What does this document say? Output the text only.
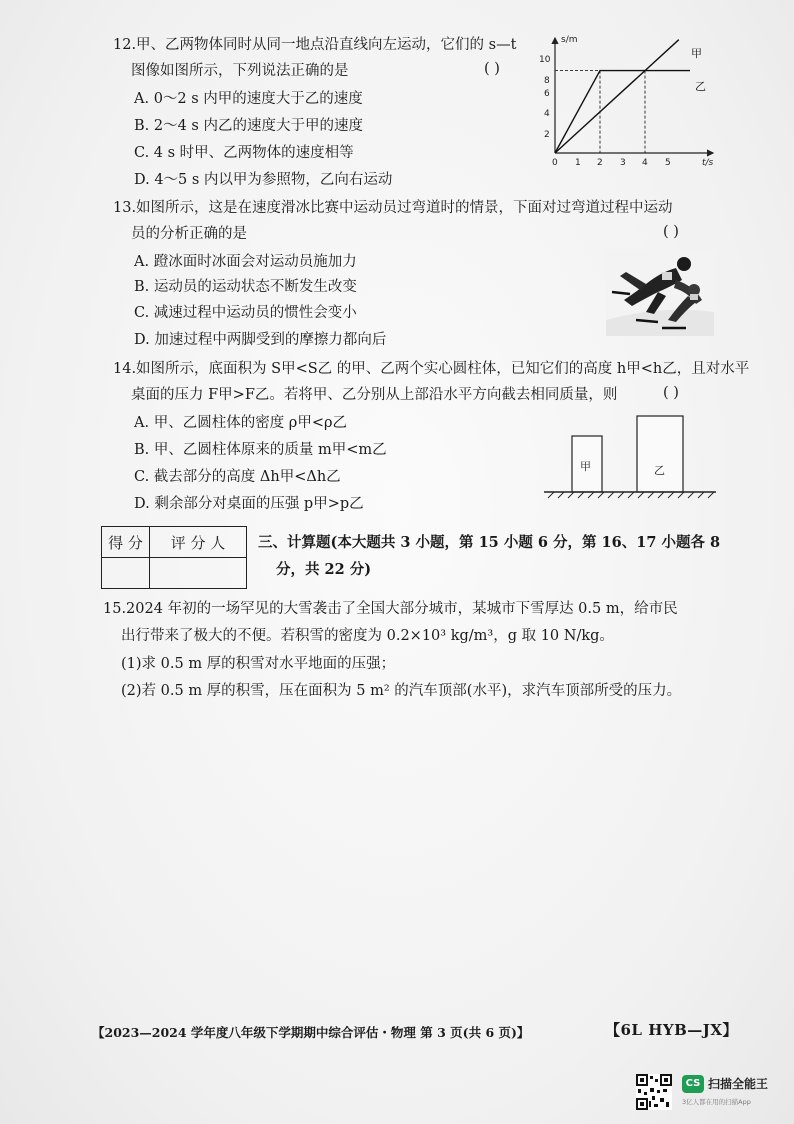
12.甲、乙两物体同时从同一地点沿直线向左运动，它们的 s—t
图像如图所示，下列说法正确的是	( )
A. 0～2 s 内甲的速度大于乙的速度
B. 2～4 s 内乙的速度大于甲的速度
C. 4 s 时甲、乙两物体的速度相等
D. 4～5 s 内以甲为参照物，乙向右运动
s/m
t/s
0 1 2 3 4 5
2
4
6
8
10	甲
乙
13.如图所示，这是在速度滑冰比赛中运动员过弯道时的情景，下面对过弯道过程中运动
员的分析正确的是	( )
A. 蹬冰面时冰面会对运动员施加力
B. 运动员的运动状态不断发生改变
C. 减速过程中运动员的惯性会变小
D. 加速过程中两脚受到的摩擦力都向后
14.如图所示，底面积为 S甲<S乙 的甲、乙两个实心圆柱体，已知它们的高度 h甲<h乙，且对水平
桌面的压力 F甲>F乙。若将甲、乙分别从上部沿水平方向截去相同质量，则	( )
A. 甲、乙圆柱体的密度 ρ甲<ρ乙
B. 甲、乙圆柱体原来的质量 m甲<m乙
C. 截去部分的高度 Δh甲<Δh乙
D. 剩余部分对桌面的压强 p甲>p乙
甲	乙
得 分	评 分 人
	三、计算题(本大题共 3 小题，第 15 小题 6 分，第 16、17 小题各 8
分，共 22 分)
15.2024 年初的一场罕见的大雪袭击了全国大部分城市，某城市下雪厚达 0.5 m，给市民
出行带来了极大的不便。若积雪的密度为 0.2×10³ kg/m³，g 取 10 N/kg。
(1)求 0.5 m 厚的积雪对水平地面的压强；
(2)若 0.5 m 厚的积雪，压在面积为 5 m² 的汽车顶部(水平)，求汽车顶部所受的压力。
【2023—2024 学年度八年级下学期期中综合评估・物理 第 3 页(共 6 页)】	【6L HYB—JX】
CS 扫描全能王
3亿人都在用的扫描App
